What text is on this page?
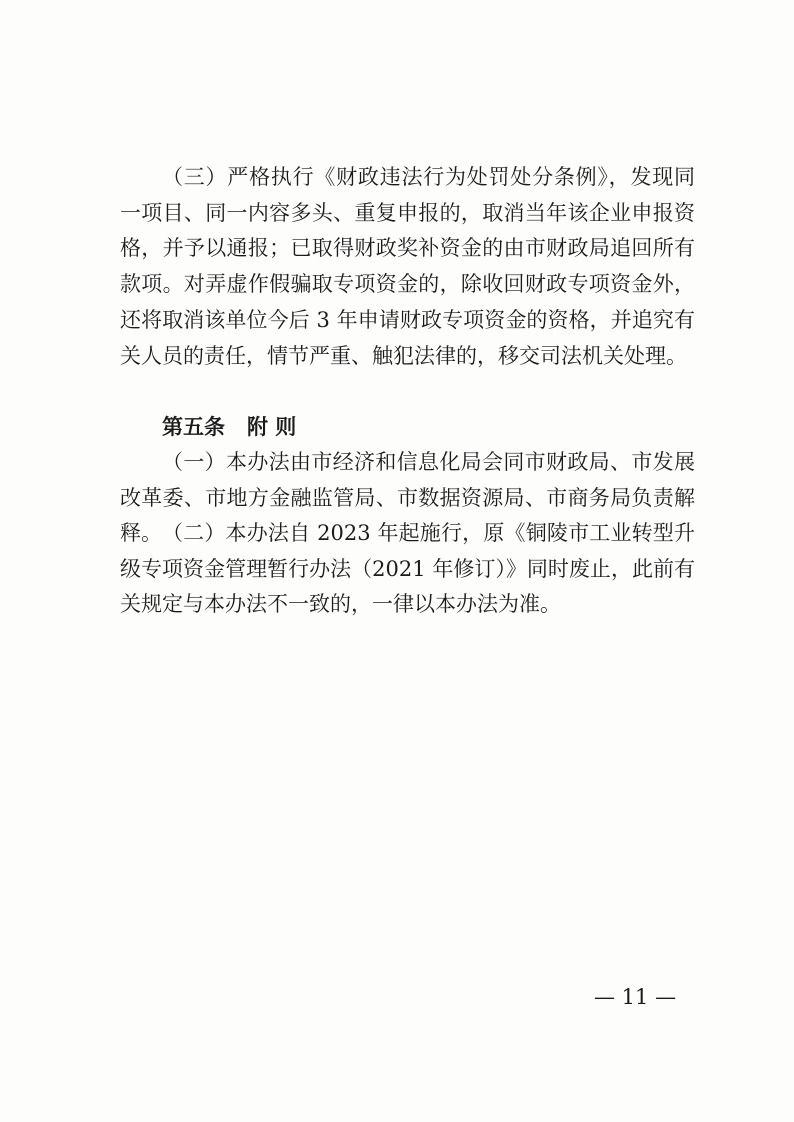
（三）严格执行《财政违法行为处罚处分条例》，发现同一项目、同一内容多头、重复申报的，取消当年该企业申报资格，并予以通报；已取得财政奖补资金的由市财政局追回所有款项。对弄虚作假骗取专项资金的，除收回财政专项资金外，还将取消该单位今后 3 年申请财政专项资金的资格，并追究有关人员的责任，情节严重、触犯法律的，移交司法机关处理。

第五条 附 则

（一）本办法由市经济和信息化局会同市财政局、市发展改革委、市地方金融监管局、市数据资源局、市商务局负责解释。 （二）本办法自 2023 年起施行，原《铜陵市工业转型升级专项资金管理暂行办法（2021 年修订）》同时废止，此前有关规定与本办法不一致的，一律以本办法为准。

— 11 —
